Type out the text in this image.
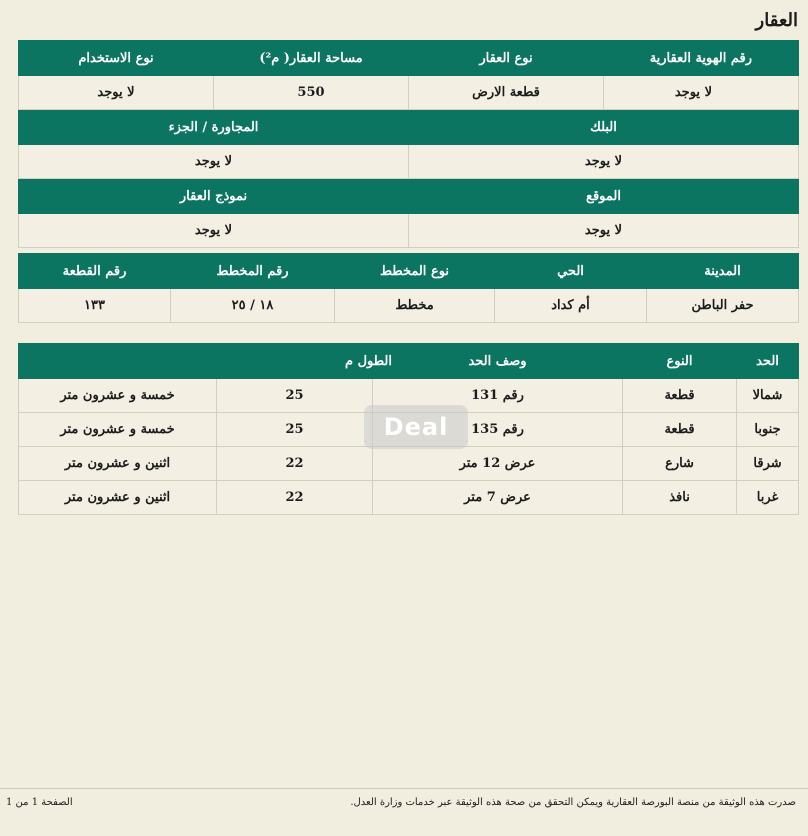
العقار
رقم الهوية العقارية	نوع العقار	مساحة العقار( م²)	نوع الاستخدام
لا يوجد	قطعة الارض	550	لا يوجد
البلك		المجاورة / الجزء	
لا يوجد		لا يوجد	
الموقع		نموذج العقار	
لا يوجد		لا يوجد	
المدينة	الحي	نوع المخطط	رقم المخطط	رقم القطعة
حفر الباطن	أم كداد	مخطط	١٨ / ٢٥	١٣٣
الحد	النوع	وصف الحد	الطول م	
شمالا	قطعة	رقم 131	25	خمسة و عشرون متر
جنوبا	قطعة	رقم 135	25	خمسة و عشرون متر
شرقا	شارع	عرض 12 متر	22	اثنين و عشرون متر
غربا	نافذ	عرض 7 متر	22	اثنين و عشرون متر
Deal
صدرت هذه الوثيقة من منصة البورصة العقارية ويمكن التحقق من صحة هذه الوثيقة عبر خدمات وزارة العدل.
الصفحة 1 من 1
